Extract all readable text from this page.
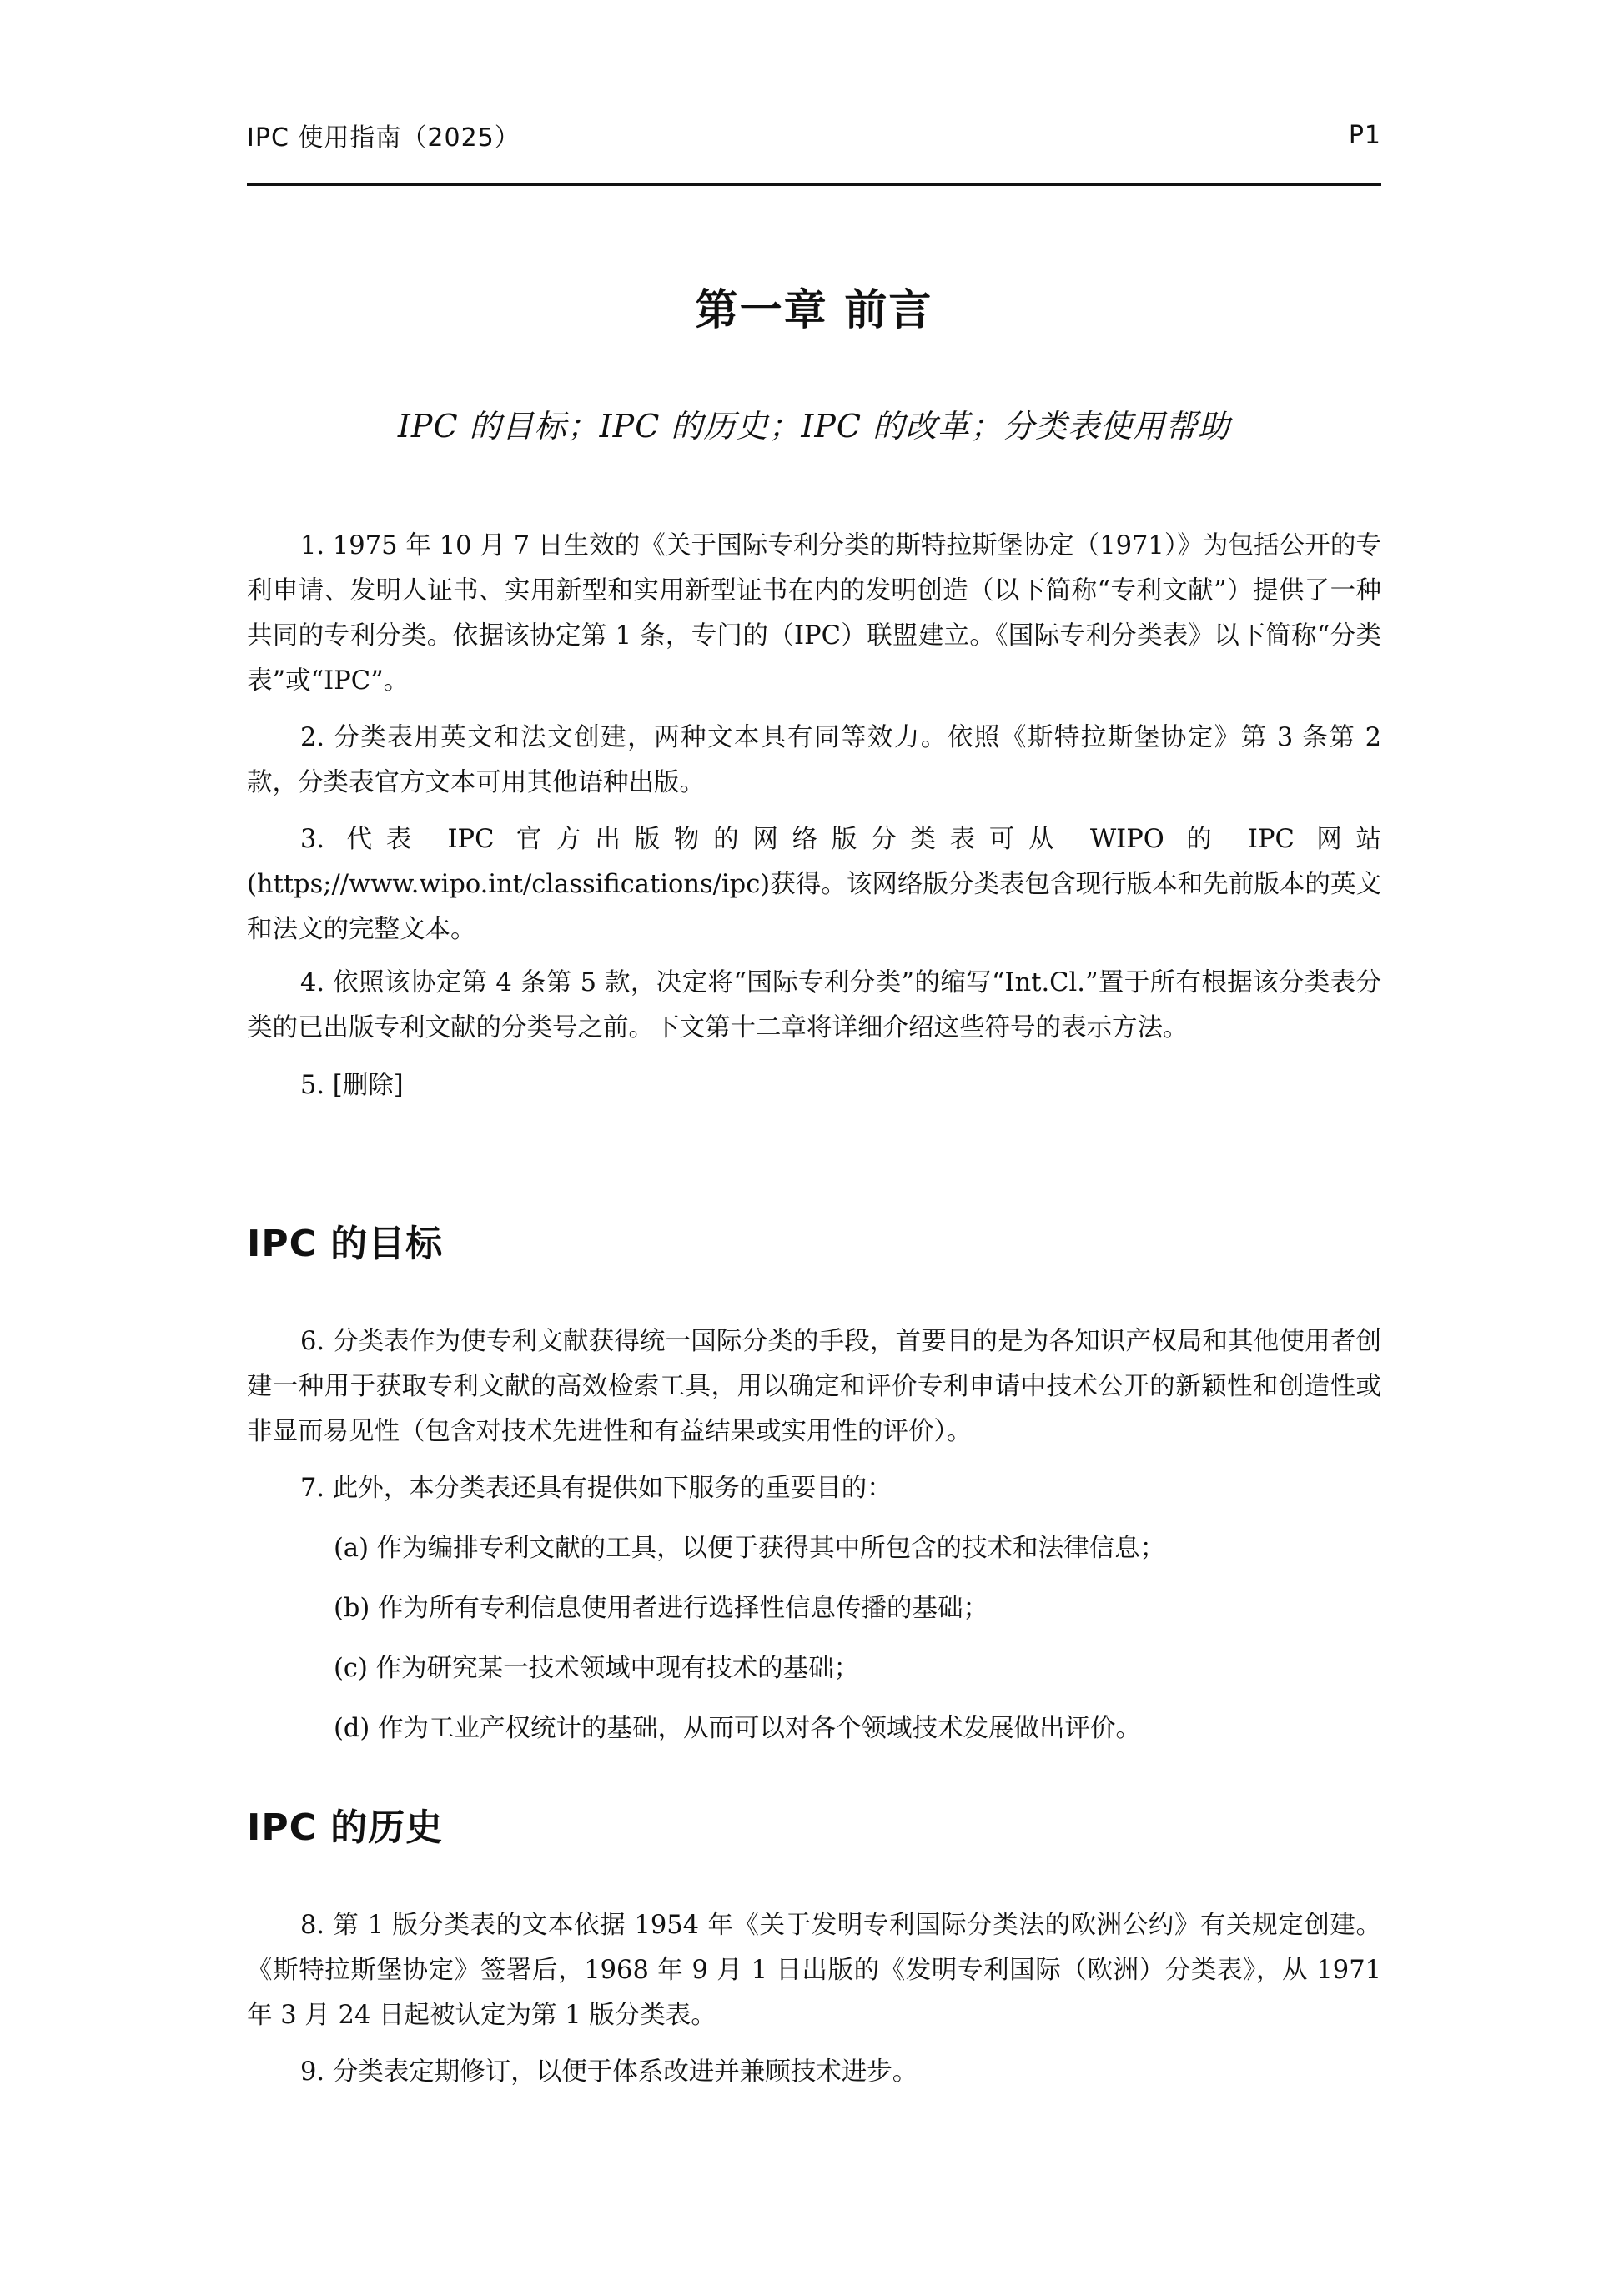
IPC 使用指南（2025）	P1
第一章 前言
IPC 的目标；IPC 的历史；IPC 的改革；分类表使用帮助

1. 1975 年 10 月 7 日生效的《关于国际专利分类的斯特拉斯堡协定（1971）》为包括公开的专利申请、发明人证书、实用新型和实用新型证书在内的发明创造（以下简称“专利文献”）提供了一种共同的专利分类。依据该协定第 1 条，专门的（IPC）联盟建立。《国际专利分类表》以下简称“分类表”或“IPC”。

2. 分类表用英文和法文创建，两种文本具有同等效力。依照《斯特拉斯堡协定》第 3 条第 2 款，分类表官方文本可用其他语种出版。

3. 代表 IPC 官方出版物的网络版分类表可从 WIPO 的 IPC 网站(https;//www.wipo.int/classifications/ipc)获得。该网络版分类表包含现行版本和先前版本的英文和法文的完整文本。

4. 依照该协定第 4 条第 5 款，决定将“国际专利分类”的缩写“Int.Cl.”置于所有根据该分类表分类的已出版专利文献的分类号之前。下文第十二章将详细介绍这些符号的表示方法。

5. [删除]

IPC 的目标

6. 分类表作为使专利文献获得统一国际分类的手段，首要目的是为各知识产权局和其他使用者创建一种用于获取专利文献的高效检索工具，用以确定和评价专利申请中技术公开的新颖性和创造性或非显而易见性（包含对技术先进性和有益结果或实用性的评价）。

7. 此外，本分类表还具有提供如下服务的重要目的：

(a) 作为编排专利文献的工具，以便于获得其中所包含的技术和法律信息；

(b) 作为所有专利信息使用者进行选择性信息传播的基础；

(c) 作为研究某一技术领域中现有技术的基础；

(d) 作为工业产权统计的基础，从而可以对各个领域技术发展做出评价。

IPC 的历史

8. 第 1 版分类表的文本依据 1954 年《关于发明专利国际分类法的欧洲公约》有关规定创建。《斯特拉斯堡协定》签署后，1968 年 9 月 1 日出版的《发明专利国际（欧洲）分类表》，从 1971 年 3 月 24 日起被认定为第 1 版分类表。

9. 分类表定期修订，以便于体系改进并兼顾技术进步。
